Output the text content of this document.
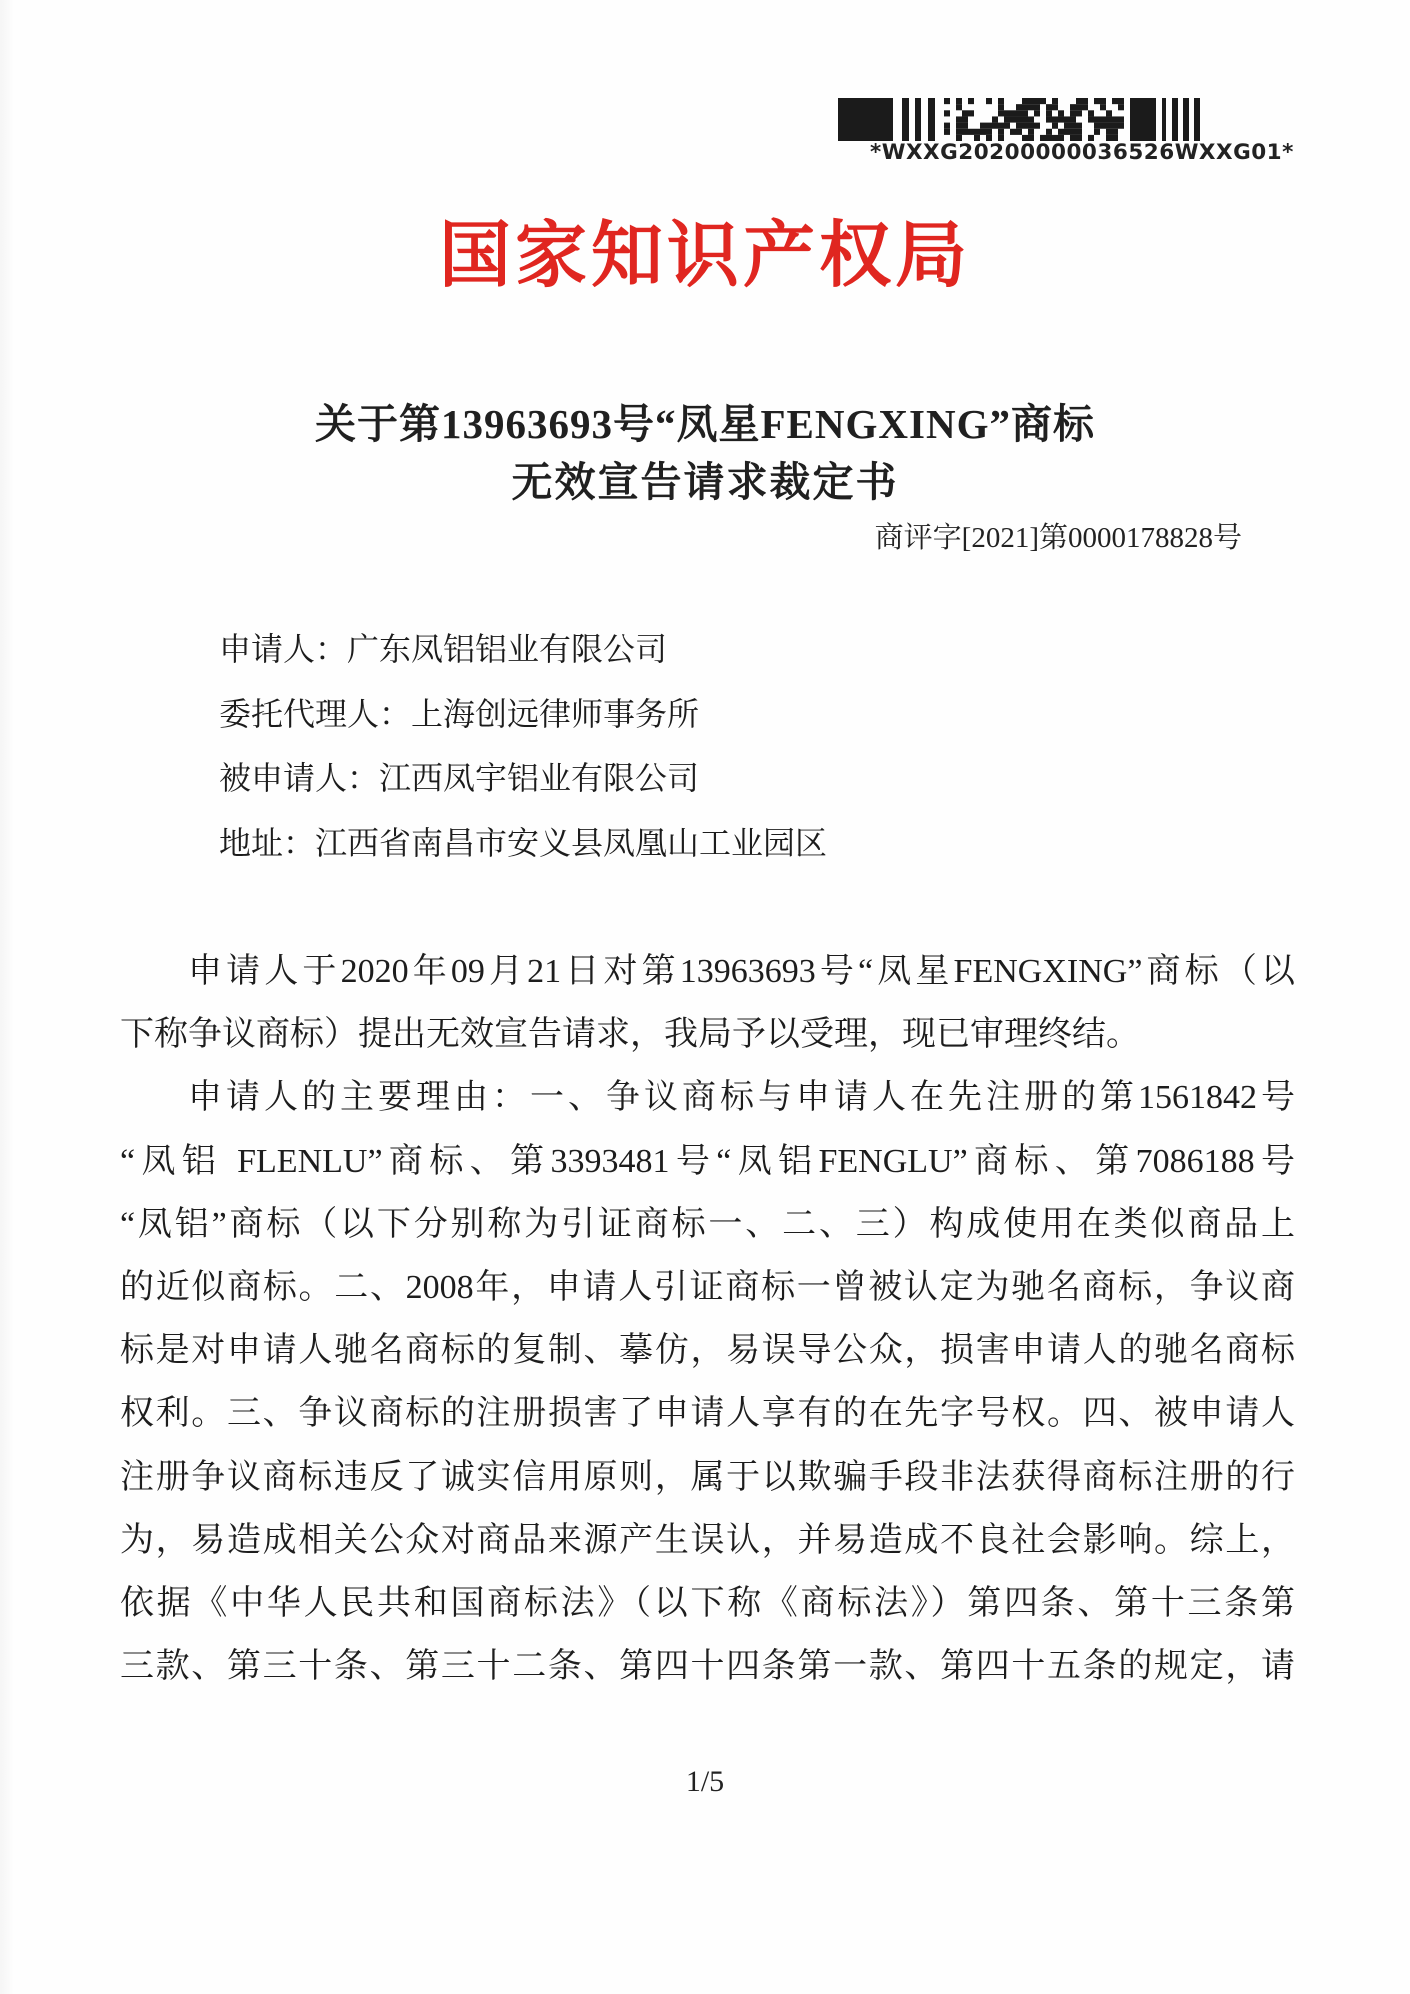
*WXXG20200000036526WXXG01*
国家知识产权局
关于第13963693号“凤星FENGXING”商标
无效宣告请求裁定书
商评字[2021]第0000178828号
申请人：广东凤铝铝业有限公司
委托代理人：上海创远律师事务所
被申请人：江西凤宇铝业有限公司
地址：江西省南昌市安义县凤凰山工业园区
申请人于2020年09月21日对第13963693号“凤星FENGXING”商标（以
下称争议商标）提出无效宣告请求，我局予以受理，现已审理终结。
申请人的主要理由：一、争议商标与申请人在先注册的第1561842号
“凤铝 FLENLU”商标、第3393481号“凤铝FENGLU”商标、第7086188号
“凤铝”商标（以下分别称为引证商标一、二、三）构成使用在类似商品上
的近似商标。二、2008年，申请人引证商标一曾被认定为驰名商标，争议商
标是对申请人驰名商标的复制、摹仿，易误导公众，损害申请人的驰名商标
权利。三、争议商标的注册损害了申请人享有的在先字号权。四、被申请人
注册争议商标违反了诚实信用原则，属于以欺骗手段非法获得商标注册的行
为，易造成相关公众对商品来源产生误认，并易造成不良社会影响。综上，
依据《中华人民共和国商标法》（以下称《商标法》）第四条、第十三条第
三款、第三十条、第三十二条、第四十四条第一款、第四十五条的规定，请
1/5
